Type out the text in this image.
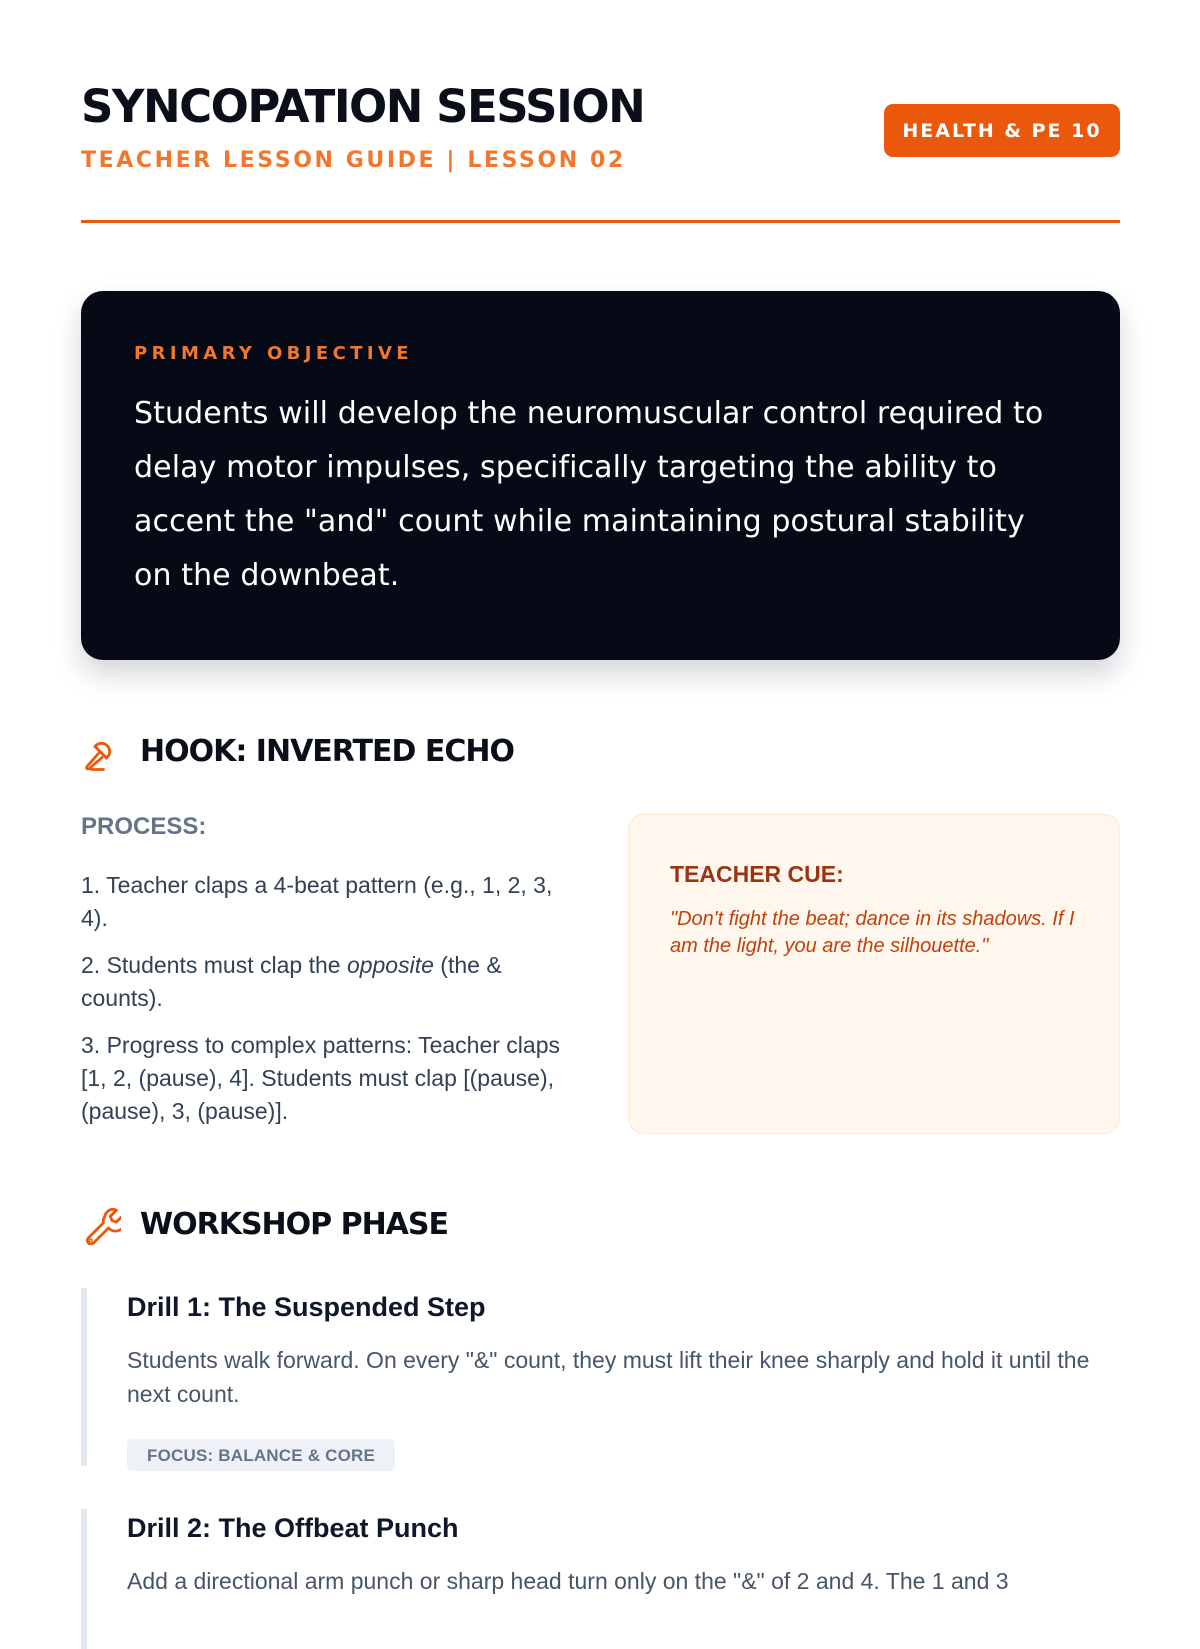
SYNCOPATION SESSION
TEACHER LESSON GUIDE | LESSON 02
HEALTH & PE 10
PRIMARY OBJECTIVE

Students will develop the neuromuscular control required to delay motor impulses, specifically targeting the ability to accent the "and" count while maintaining postural stability on the downbeat.

HOOK: INVERTED ECHO
PROCESS:

1. Teacher claps a 4-beat pattern (e.g., 1, 2, 3, 4).

2. Students must clap the opposite (the & counts).

3. Progress to complex patterns: Teacher claps [1, 2, (pause), 4]. Students must clap [(pause), (pause), 3, (pause)].

TEACHER CUE:

"Don't fight the beat; dance in its shadows. If I am the light, you are the silhouette."

WORKSHOP PHASE
Drill 1: The Suspended Step

Students walk forward. On every "&" count, they must lift their knee sharply and hold it until the next count.

FOCUS: BALANCE & CORE
Drill 2: The Offbeat Punch

Add a directional arm punch or sharp head turn only on the "&" of 2 and 4. The 1 and 3
